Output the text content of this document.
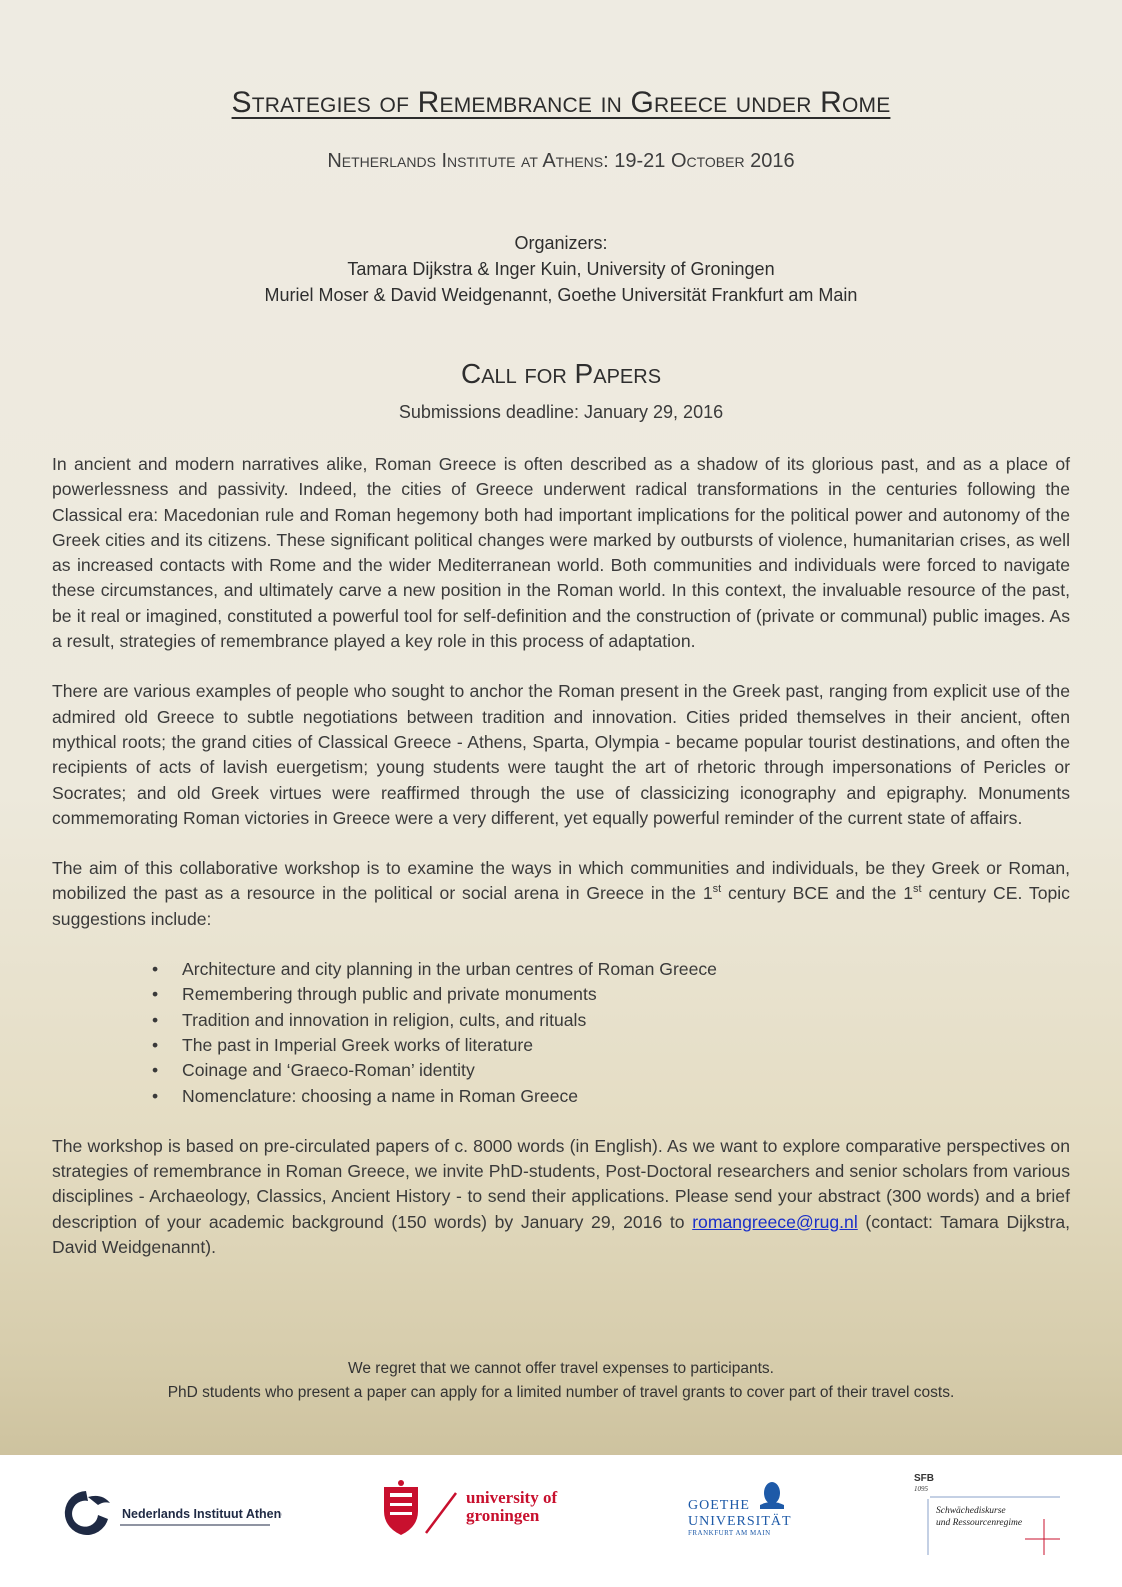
Strategies of Remembrance in Greece under Rome
Netherlands Institute at Athens: 19-21 October 2016
Organizers:
Tamara Dijkstra & Inger Kuin, University of Groningen
Muriel Moser & David Weidgenannt, Goethe Universität Frankfurt am Main
Call for Papers
Submissions deadline: January 29, 2016

In ancient and modern narratives alike, Roman Greece is often described as a shadow of its glorious past, and as a place of powerlessness and passivity. Indeed, the cities of Greece underwent radical transformations in the centuries following the Classical era: Macedonian rule and Roman hegemony both had important implications for the political power and autonomy of the Greek cities and its citizens. These significant political changes were marked by outbursts of violence, humanitarian crises, as well as increased contacts with Rome and the wider Mediterranean world. Both communities and individuals were forced to navigate these circumstances, and ultimately carve a new position in the Roman world. In this context, the invaluable resource of the past, be it real or imagined, constituted a powerful tool for self-definition and the construction of (private or communal) public images. As a result, strategies of remembrance played a key role in this process of adaptation.

There are various examples of people who sought to anchor the Roman present in the Greek past, ranging from explicit use of the admired old Greece to subtle negotiations between tradition and innovation. Cities prided themselves in their ancient, often mythical roots; the grand cities of Classical Greece - Athens, Sparta, Olympia - became popular tourist destinations, and often the recipients of acts of lavish euergetism; young students were taught the art of rhetoric through impersonations of Pericles or Socrates; and old Greek virtues were reaffirmed through the use of classicizing iconography and epigraphy. Monuments commemorating Roman victories in Greece were a very different, yet equally powerful reminder of the current state of affairs.

The aim of this collaborative workshop is to examine the ways in which communities and individuals, be they Greek or Roman, mobilized the past as a resource in the political or social arena in Greece in the 1st century BCE and the 1st century CE. Topic suggestions include:

• Architecture and city planning in the urban centres of Roman Greece
• Remembering through public and private monuments
• Tradition and innovation in religion, cults, and rituals
• The past in Imperial Greek works of literature
• Coinage and ‘Graeco-Roman’ identity
• Nomenclature: choosing a name in Roman Greece

The workshop is based on pre-circulated papers of c. 8000 words (in English). As we want to explore comparative perspectives on strategies of remembrance in Roman Greece, we invite PhD-students, Post-Doctoral researchers and senior scholars from various disciplines - Archaeology, Classics, Ancient History - to send their applications. Please send your abstract (300 words) and a brief description of your academic background (150 words) by January 29, 2016 to romangreece@rug.nl (contact: Tamara Dijkstra, David Weidgenannt).

We regret that we cannot offer travel expenses to participants.
PhD students who present a paper can apply for a limited number of travel grants to cover part of their travel costs.
Nederlands Instituut Athene
university of
groningen
GOETHE
UNIVERSITÄT
FRANKFURT AM MAIN
SFB
1095
Schwächediskurse
und Ressourcenregime
